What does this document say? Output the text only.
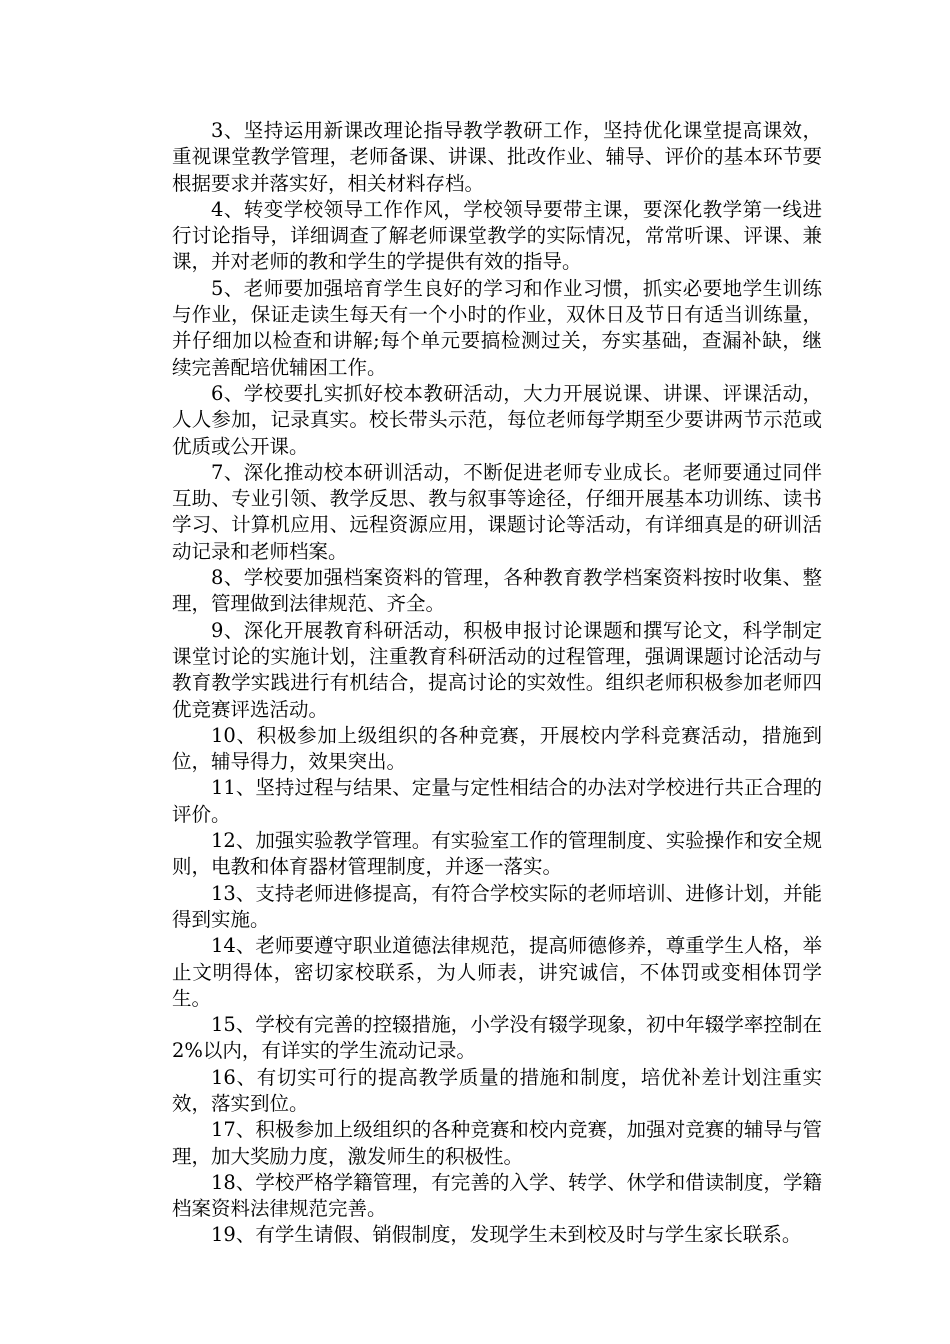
3、坚持运用新课改理论指导教学教研工作，坚持优化课堂提高课效，重视课堂教学管理，老师备课、讲课、批改作业、辅导、评价的基本环节要根据要求并落实好，相关材料存档。

4、转变学校领导工作作风，学校领导要带主课，要深化教学第一线进行讨论指导，详细调查了解老师课堂教学的实际情况，常常听课、评课、兼课，并对老师的教和学生的学提供有效的指导。

5、老师要加强培育学生良好的学习和作业习惯，抓实必要地学生训练与作业，保证走读生每天有一个小时的作业，双休日及节日有适当训练量，并仔细加以检查和讲解;每个单元要搞检测过关，夯实基础，查漏补缺，继续完善配培优辅困工作。

6、学校要扎实抓好校本教研活动，大力开展说课、讲课、评课活动，人人参加，记录真实。校长带头示范，每位老师每学期至少要讲两节示范或优质或公开课。

7、深化推动校本研训活动，不断促进老师专业成长。老师要通过同伴互助、专业引领、教学反思、教与叙事等途径，仔细开展基本功训练、读书学习、计算机应用、远程资源应用，课题讨论等活动，有详细真是的研训活动记录和老师档案。

8、学校要加强档案资料的管理，各种教育教学档案资料按时收集、整理，管理做到法律规范、齐全。

9、深化开展教育科研活动，积极申报讨论课题和撰写论文，科学制定课堂讨论的实施计划，注重教育科研活动的过程管理，强调课题讨论活动与教育教学实践进行有机结合，提高讨论的实效性。组织老师积极参加老师四优竞赛评选活动。

10、积极参加上级组织的各种竞赛，开展校内学科竞赛活动，措施到位，辅导得力，效果突出。

11、坚持过程与结果、定量与定性相结合的办法对学校进行共正合理的评价。

12、加强实验教学管理。有实验室工作的管理制度、实验操作和安全规则，电教和体育器材管理制度，并逐一落实。

13、支持老师进修提高，有符合学校实际的老师培训、进修计划，并能得到实施。

14、老师要遵守职业道德法律规范，提高师德修养，尊重学生人格，举止文明得体，密切家校联系，为人师表，讲究诚信，不体罚或变相体罚学生。

15、学校有完善的控辍措施，小学没有辍学现象，初中年辍学率控制在 2%以内，有详实的学生流动记录。

16、有切实可行的提高教学质量的措施和制度，培优补差计划注重实效，落实到位。

17、积极参加上级组织的各种竞赛和校内竞赛，加强对竞赛的辅导与管理，加大奖励力度，激发师生的积极性。

18、学校严格学籍管理，有完善的入学、转学、休学和借读制度，学籍档案资料法律规范完善。

19、有学生请假、销假制度，发现学生未到校及时与学生家长联系。
